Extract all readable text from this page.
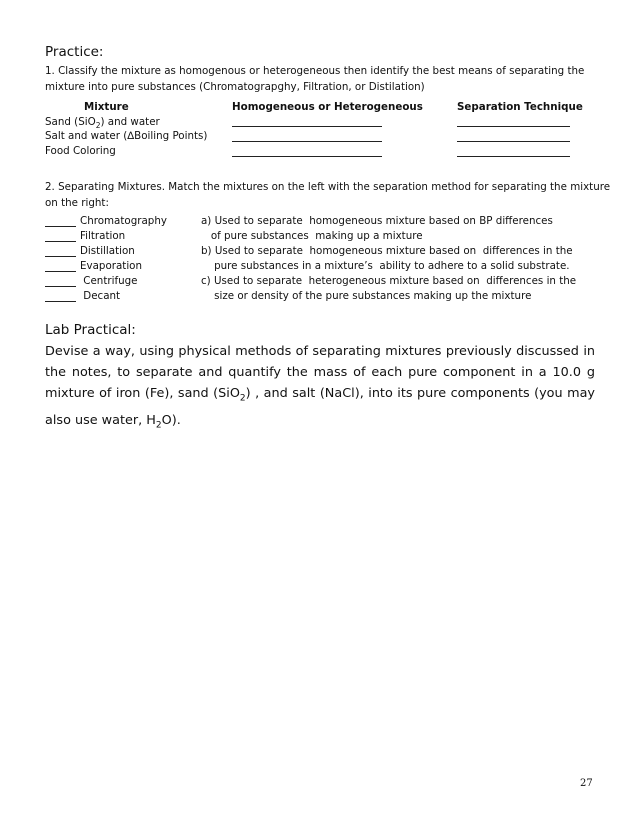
Practice:
1. Classify the mixture as homogenous or heterogeneous then identify the best means of separating the
mixture into pure substances (Chromatograpghy, Filtration, or Distilation)
Mixture	Homogeneous or Heterogeneous	Separation Technique
Sand (SiO$_2$) and water
Salt and water (∆Boiling Points)
Food Coloring
2. Separating Mixtures. Match the mixtures on the left with the separation method for separating the mixture
on the right:
Chromatography
Filtration
Distillation
Evaporation
Centrifuge
Decant
a) Used to separate  homogeneous mixture based on BP differences
of pure substances  making up a mixture
b) Used to separate  homogeneous mixture based on  differences in the
pure substances in a mixture’s  ability to adhere to a solid substrate.
c) Used to separate  heterogeneous mixture based on  differences in the
size or density of the pure substances making up the mixture
Lab Practical:
Devise a way, using physical methods of separating mixtures previously discussed in the notes, to separate and quantify the mass of each pure component in a 10.0 g mixture of iron (Fe), sand (SiO$_2$) , and salt (NaCl), into its pure components (you may also use water, $H_2O$).
27
